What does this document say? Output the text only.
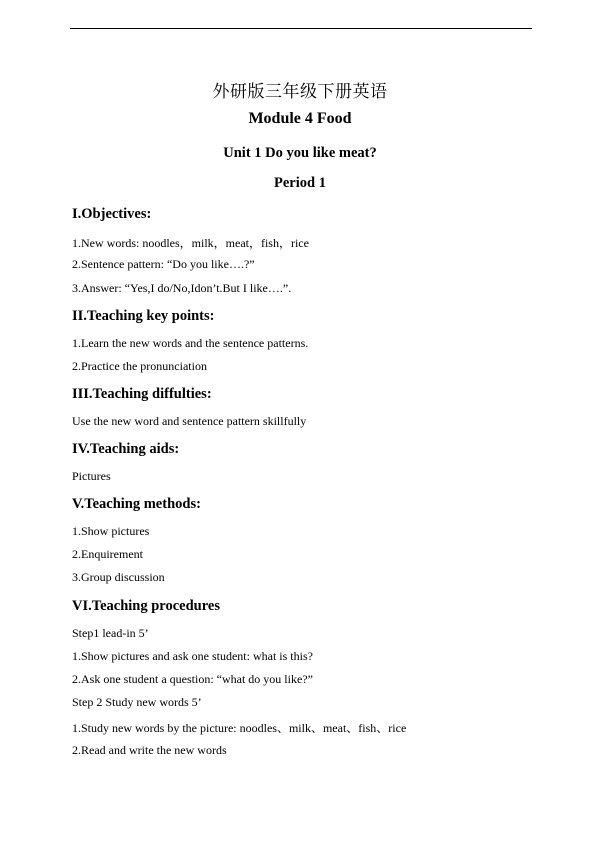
外研版三年级下册英语
Module 4 Food
Unit 1 Do you like meat?
Period 1
I.Objectives:
1.New words: noodles，milk，meat，fish，rice
2.Sentence pattern: “Do you like….?”
3.Answer: “Yes,I do/No,Idon’t.But I like….”.
II.Teaching key points:
1.Learn the new words and the sentence patterns.
2.Practice the pronunciation
III.Teaching diffulties:
Use the new word and sentence pattern skillfully
IV.Teaching aids:
Pictures
V.Teaching methods:
1.Show pictures
2.Enquirement
3.Group discussion
VI.Teaching procedures
Step1 lead-in 5’
1.Show pictures and ask one student: what is this?
2.Ask one student a question: “what do you like?”
Step 2 Study new words 5’
1.Study new words by the picture: noodles、milk、meat、fish、rice
2.Read and write the new words
